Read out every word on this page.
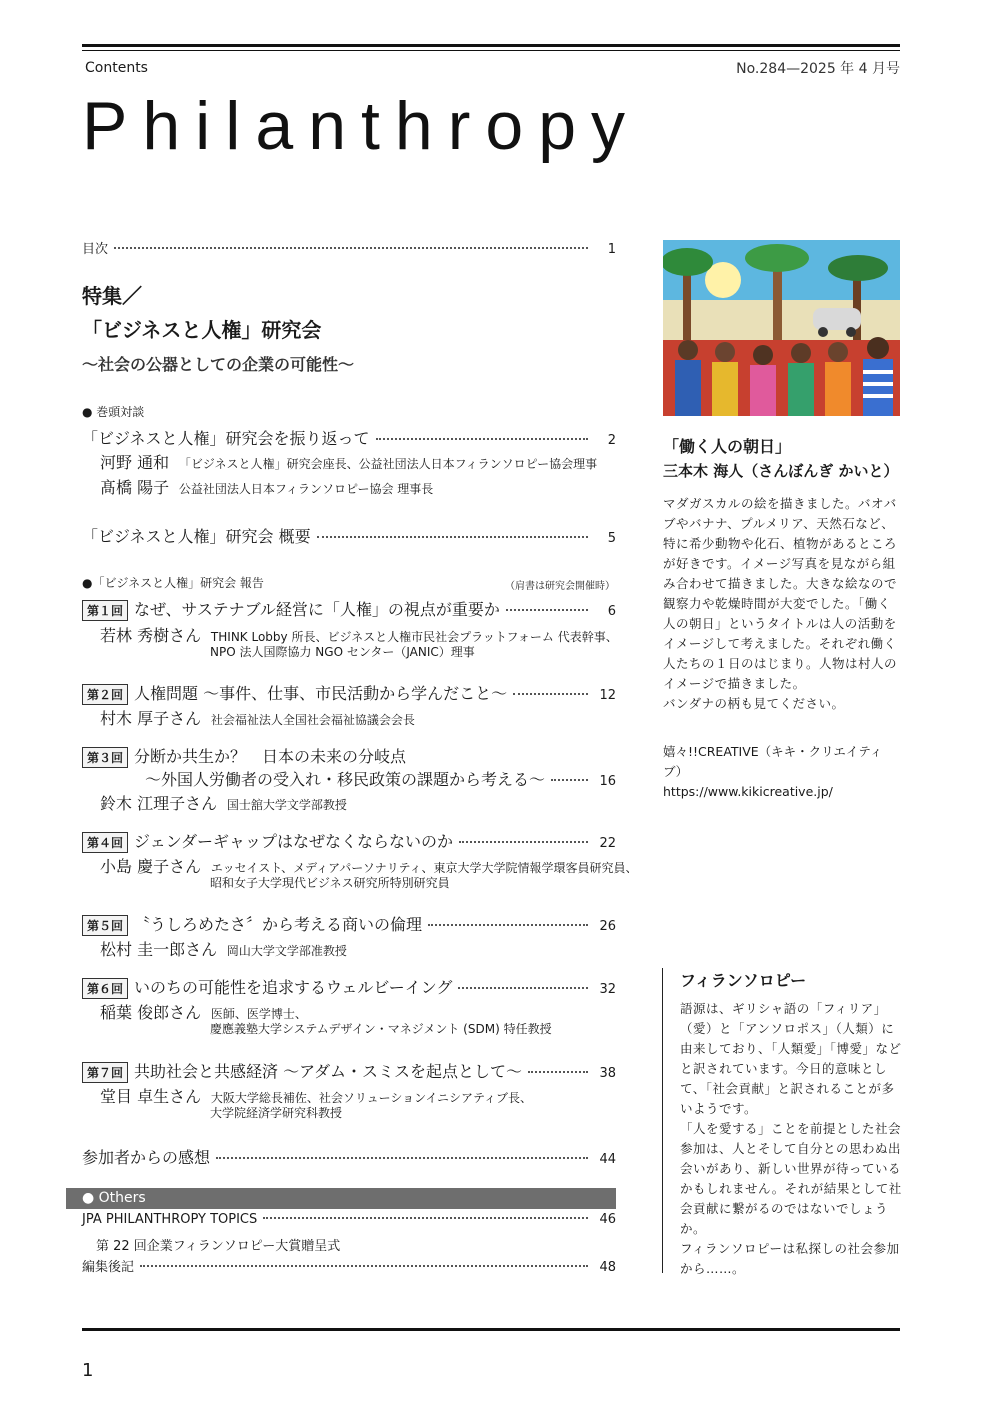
Contents	No.284—2025 年 4 月号
Philanthropy
目次	1
特集／
「ビジネスと人権」研究会
〜社会の公器としての企業の可能性〜
● 巻頭対談
「ビジネスと人権」研究会を振り返って	2
河野 通和 「ビジネスと人権」研究会座長、公益社団法人日本フィランソロピー協会理事
髙橋 陽子 公益社団法人日本フィランソロピー協会 理事長
「ビジネスと人権」研究会 概要	5
●「ビジネスと人権」研究会 報告	（肩書は研究会開催時）
第１回 なぜ、サステナブル経営に「人権」の視点が重要か	6
若林 秀樹さん THINK Lobby 所長、ビジネスと人権市民社会プラットフォーム 代表幹事、
NPO 法人国際協力 NGO センター（JANIC）理事
第２回 人権問題 〜事件、仕事、市民活動から学んだこと〜	12
村木 厚子さん 社会福祉法人全国社会福祉協議会会長
第３回 分断か共生か？　日本の未来の分岐点
〜外国人労働者の受入れ・移民政策の課題から考える〜	16
鈴木 江理子さん 国士舘大学文学部教授
第４回 ジェンダーギャップはなぜなくならないのか	22
小島 慶子さん エッセイスト、メディアパーソナリティ、東京大学大学院情報学環客員研究員、
昭和女子大学現代ビジネス研究所特別研究員
第５回 〝うしろめたさ〞から考える商いの倫理	26
松村 圭一郎さん 岡山大学文学部准教授
第６回 いのちの可能性を追求するウェルビーイング	32
稲葉 俊郎さん 医師、医学博士、
慶應義塾大学システムデザイン・マネジメント (SDM) 特任教授
第７回 共助社会と共感経済 〜アダム・スミスを起点として〜	38
堂目 卓生さん 大阪大学総長補佐、社会ソリューションイニシアティブ長、
大学院経済学研究科教授
参加者からの感想	44
● Others
JPA PHILANTHROPY TOPICS	46
第 22 回企業フィランソロピー大賞贈呈式
編集後記	48
「働く人の朝日」
三本木 海人（さんぼんぎ かいと）
マダガスカルの絵を描きました。バオバブやバナナ、プルメリア、天然石など、特に希少動物や化石、植物があるところが好きです。イメージ写真を見ながら組み合わせて描きました。大きな絵なので観察力や乾燥時間が大変でした。「働く人の朝日」というタイトルは人の活動をイメージして考えました。それぞれ働く人たちの１日のはじまり。人物は村人のイメージで描きました。
バンダナの柄も見てください。
嬉々!!CREATIVE（キキ・クリエイティブ）
https://www.kikicreative.jp/
フィランソロピー
語源は、ギリシャ語の「フィリア」（愛）と「アンソロポス」（人類）に由来しており、「人類愛」「博愛」などと訳されています。今日的意味として、「社会貢献」と訳されることが多いようです。
「人を愛する」ことを前提とした社会参加は、人とそして自分との思わぬ出会いがあり、新しい世界が待っているかもしれません。それが結果として社会貢献に繋がるのではないでしょうか。
フィランソロピーは私探しの社会参加から……。
1
